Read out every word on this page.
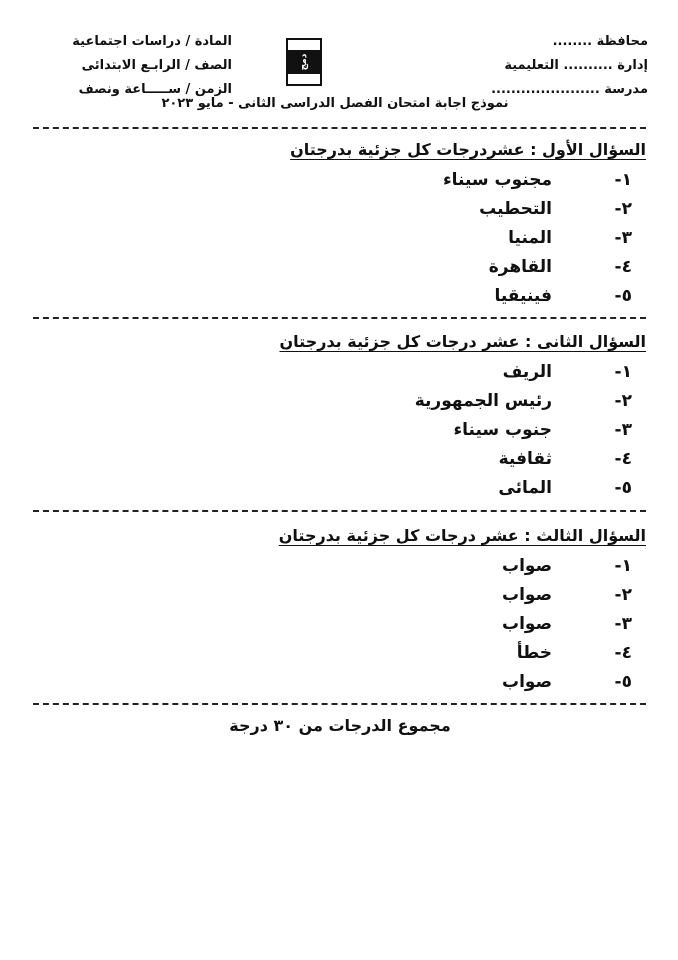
محافظة ........
إدارة .......... التعليمية
مدرسة ......................
دمج
المادة / دراسات اجتماعية
الصف / الرابـع الابتدائى
الزمن / ســـــاعة ونصف
نموذج اجابة امتحان الفصل الدراسى الثانى - مايو ٢٠٢٣
السؤال الأول : عشردرجات كل جزئية بدرجتان
١-
مجنوب سيناء
٢-
التحطيب
٣-
المنيا
٤-
القاهرة
٥-
فينيقيا
السؤال الثانى : عشر درجات كل جزئية بدرجتان
١-
الريف
٢-
رئيس الجمهورية
٣-
جنوب سيناء
٤-
ثقافية
٥-
المائى
السؤال الثالث : عشر درجات كل جزئية بدرجتان
١-
صواب
٢-
صواب
٣-
صواب
٤-
خطأ
٥-
صواب
مجموع الدرجات من ٣٠ درجة
